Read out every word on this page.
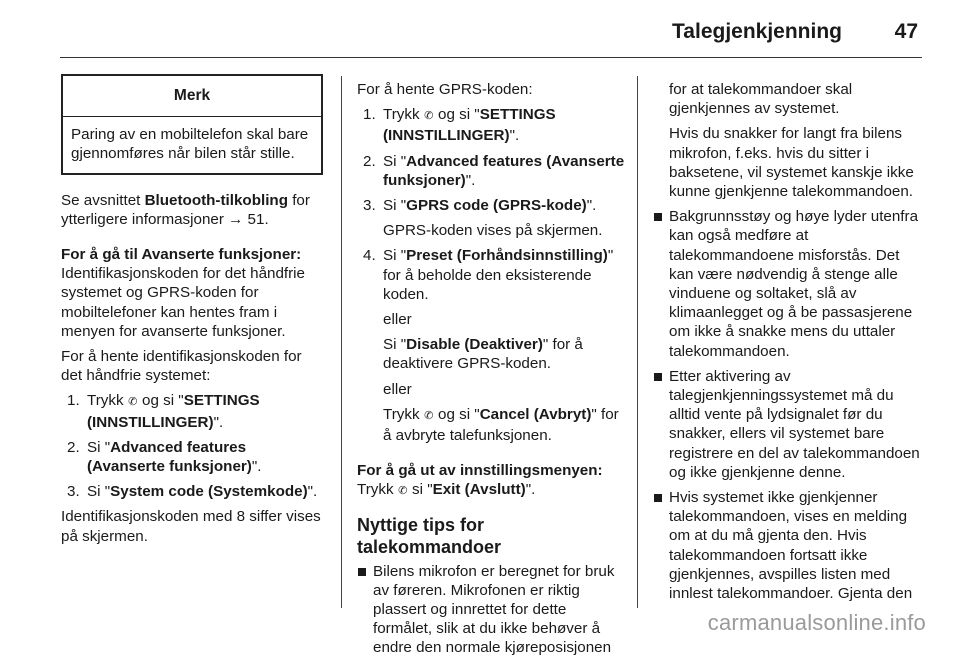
Talegjenkjenning	47
Merk
Paring av en mobiltelefon skal bare gjennomføres når bilen står stille.

Se avsnittet Bluetooth-tilkobling for ytterligere informasjoner → 51.

For å gå til Avanserte funksjoner:
Identifikasjonskoden for det håndfrie systemet og GPRS-koden for mobiltelefoner kan hentes fram i menyen for avanserte funksjoner.

For å hente identifikasjonskoden for det håndfrie systemet:

1. Trykk ✆ og si "SETTINGS (INNSTILLINGER)".
2. Si "Advanced features (Avanserte funksjoner)".
3. Si "System code (Systemkode)".

Identifikasjonskoden med 8 siffer vises på skjermen.

For å hente GPRS-koden:

1. Trykk ✆ og si "SETTINGS (INNSTILLINGER)".
2. Si "Advanced features (Avanserte funksjoner)".
3. Si "GPRS code (GPRS-kode)".
GPRS-koden vises på skjermen.
4. Si "Preset (Forhåndsinnstilling)" for å beholde den eksisterende koden.
eller
Si "Disable (Deaktiver)" for å deaktivere GPRS-koden.
eller
Trykk ✆ og si "Cancel (Avbryt)" for å avbryte talefunksjonen.

For å gå ut av innstillingsmenyen:
Trykk ✆ si "Exit (Avslutt)".

Nyttige tips for talekommandoer
Bilens mikrofon er beregnet for bruk av føreren. Mikrofonen er riktig plassert og innrettet for dette formålet, slik at du ikke behøver å endre den normale kjøreposisjonen

for at talekommandoer skal gjenkjennes av systemet.

Hvis du snakker for langt fra bilens mikrofon, f.eks. hvis du sitter i baksetene, vil systemet kanskje ikke kunne gjenkjenne talekommandoen.

Bakgrunnsstøy og høye lyder utenfra kan også medføre at talekommandoene misforstås. Det kan være nødvendig å stenge alle vinduene og soltaket, slå av klimaanlegget og å be passasjerene om ikke å snakke mens du uttaler talekommandoen.
Etter aktivering av talegjenkjenningssystemet må du alltid vente på lydsignalet før du snakker, ellers vil systemet bare registrere en del av talekommandoen og ikke gjenkjenne denne.
Hvis systemet ikke gjenkjenner talekommandoen, vises en melding om at du må gjenta den. Hvis talekommandoen fortsatt ikke gjenkjennes, avspilles listen med innlest talekommandoer. Gjenta den
carmanualsonline.info
